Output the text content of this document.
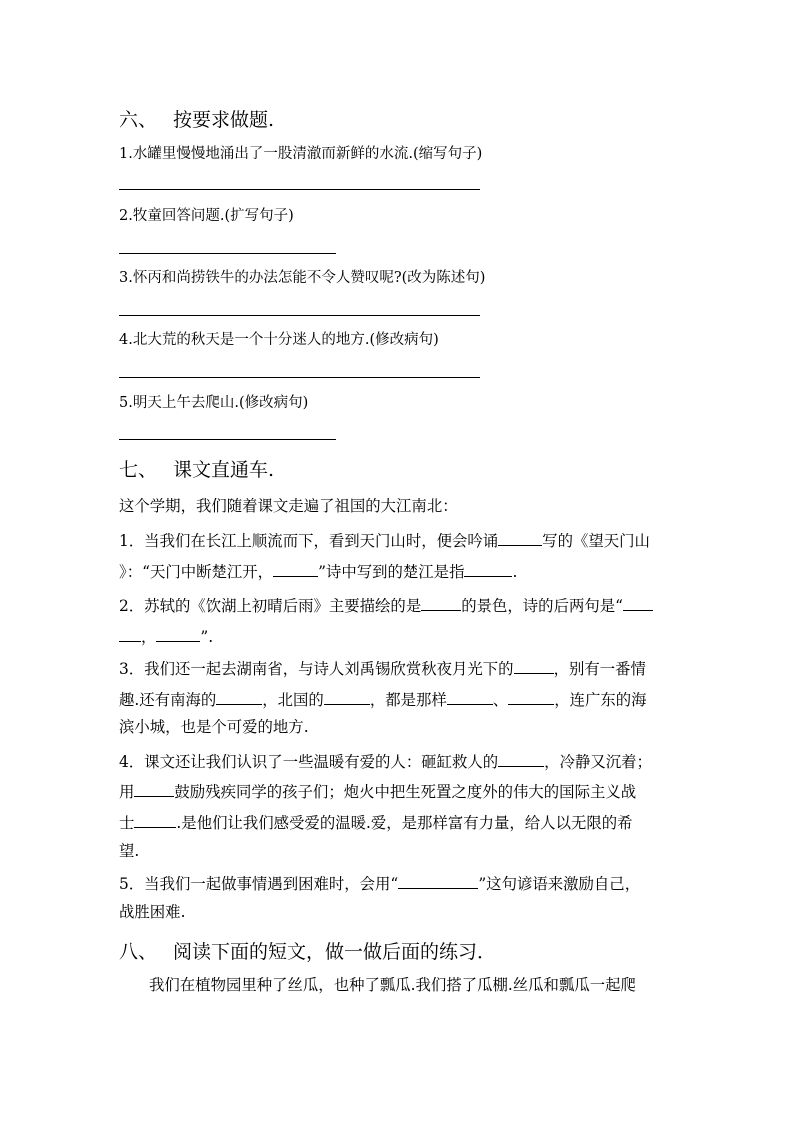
六、 按要求做题.
1.水罐里慢慢地涌出了一股清澈而新鲜的水流.(缩写句子)
2.牧童回答问题.(扩写句子)
3.怀丙和尚捞铁牛的办法怎能不令人赞叹呢?(改为陈述句)
4.北大荒的秋天是一个十分迷人的地方.(修改病句)
5.明天上午去爬山.(修改病句)
七、 课文直通车.
这个学期，我们随着课文走遍了祖国的大江南北：
1．当我们在长江上顺流而下，看到天门山时，便会吟诵	写的《望天门山
》：“天门中断楚江开，	”诗中写到的楚江是指	.
2．苏轼的《饮湖上初晴后雨》主要描绘的是	的景色，诗的后两句是“
，	”.
3．我们还一起去湖南省，与诗人刘禹锡欣赏秋夜月光下的	，别有一番情
趣.还有南海的	，北国的	，都是那样	、	，连广东的海
滨小城，也是个可爱的地方.
4．课文还让我们认识了一些温暖有爱的人：砸缸救人的	，冷静又沉着；
用	鼓励残疾同学的孩子们；炮火中把生死置之度外的伟大的国际主义战
士	.是他们让我们感受爱的温暖.爱，是那样富有力量，给人以无限的希
望.
5．当我们一起做事情遇到困难时，会用“	”这句谚语来激励自己，
战胜困难.
八、 阅读下面的短文，做一做后面的练习．
我们在植物园里种了丝瓜，也种了瓢瓜.我们搭了瓜棚.丝瓜和瓢瓜一起爬
